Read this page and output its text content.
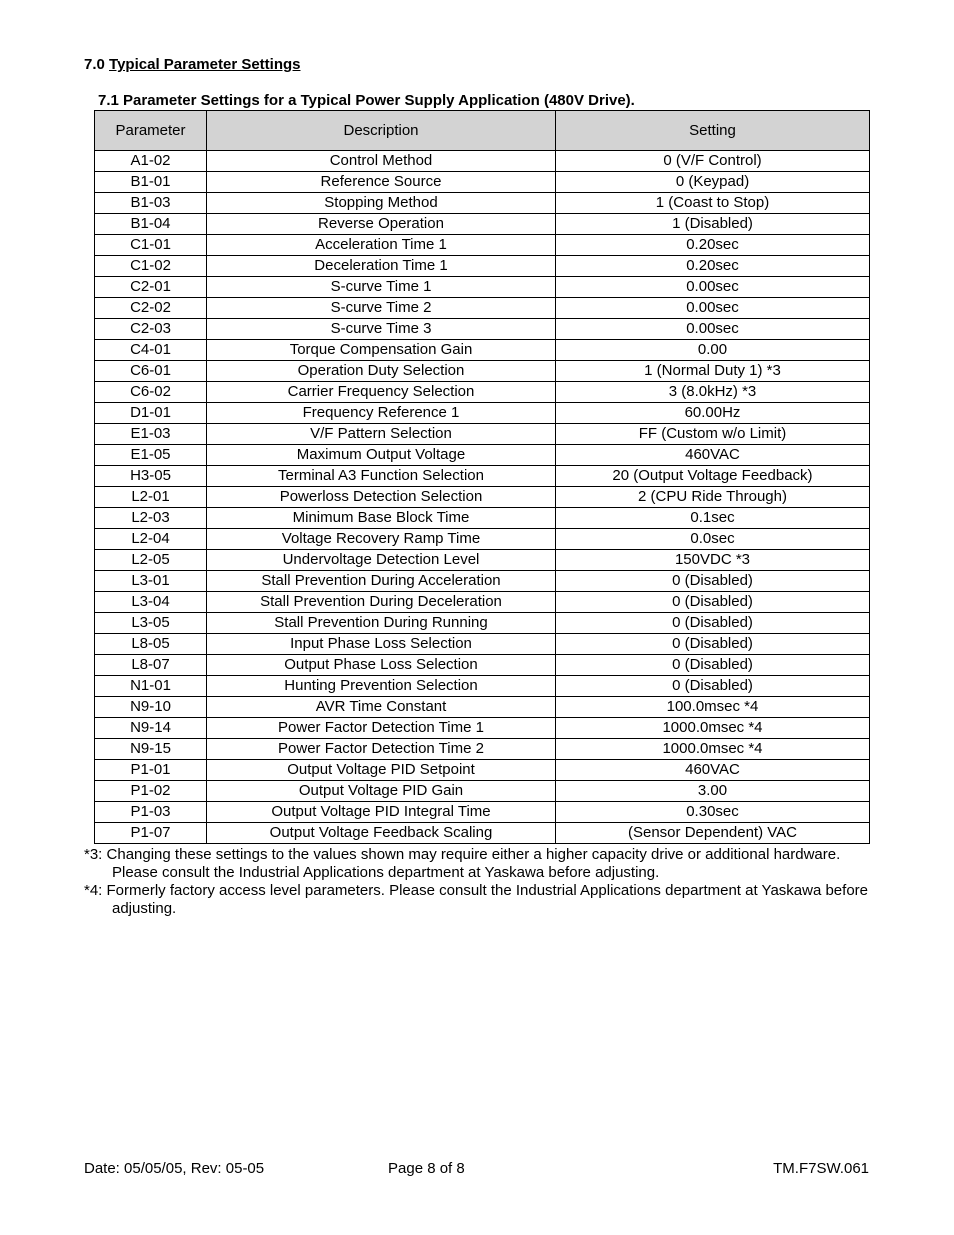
7.0 Typical Parameter Settings
7.1 Parameter Settings for a Typical Power Supply Application (480V Drive).
Parameter	Description	Setting
A1-02	Control Method	0 (V/F Control)
B1-01	Reference Source	0 (Keypad)
B1-03	Stopping Method	1 (Coast to Stop)
B1-04	Reverse Operation	1 (Disabled)
C1-01	Acceleration Time 1	0.20sec
C1-02	Deceleration Time 1	0.20sec
C2-01	S-curve Time 1	0.00sec
C2-02	S-curve Time 2	0.00sec
C2-03	S-curve Time 3	0.00sec
C4-01	Torque Compensation Gain	0.00
C6-01	Operation Duty Selection	1 (Normal Duty 1) *3
C6-02	Carrier Frequency Selection	3 (8.0kHz) *3
D1-01	Frequency Reference 1	60.00Hz
E1-03	V/F Pattern Selection	FF (Custom w/o Limit)
E1-05	Maximum Output Voltage	460VAC
H3-05	Terminal A3 Function Selection	20 (Output Voltage Feedback)
L2-01	Powerloss Detection Selection	2 (CPU Ride Through)
L2-03	Minimum Base Block Time	0.1sec
L2-04	Voltage Recovery Ramp Time	0.0sec
L2-05	Undervoltage Detection Level	150VDC *3
L3-01	Stall Prevention During Acceleration	0 (Disabled)
L3-04	Stall Prevention During Deceleration	0 (Disabled)
L3-05	Stall Prevention During Running	0 (Disabled)
L8-05	Input Phase Loss Selection	0 (Disabled)
L8-07	Output Phase Loss Selection	0 (Disabled)
N1-01	Hunting Prevention Selection	0 (Disabled)
N9-10	AVR Time Constant	100.0msec *4
N9-14	Power Factor Detection Time 1	1000.0msec *4
N9-15	Power Factor Detection Time 2	1000.0msec *4
P1-01	Output Voltage PID Setpoint	460VAC
P1-02	Output Voltage PID Gain	3.00
P1-03	Output Voltage PID Integral Time	0.30sec
P1-07	Output Voltage Feedback Scaling	(Sensor Dependent) VAC
*3: Changing these settings to the values shown may require either a higher capacity drive or additional hardware. Please consult the Industrial Applications department at Yaskawa before adjusting.
*4: Formerly factory access level parameters. Please consult the Industrial Applications department at Yaskawa before adjusting.
Date: 05/05/05, Rev: 05-05	Page 8 of 8	TM.F7SW.061
